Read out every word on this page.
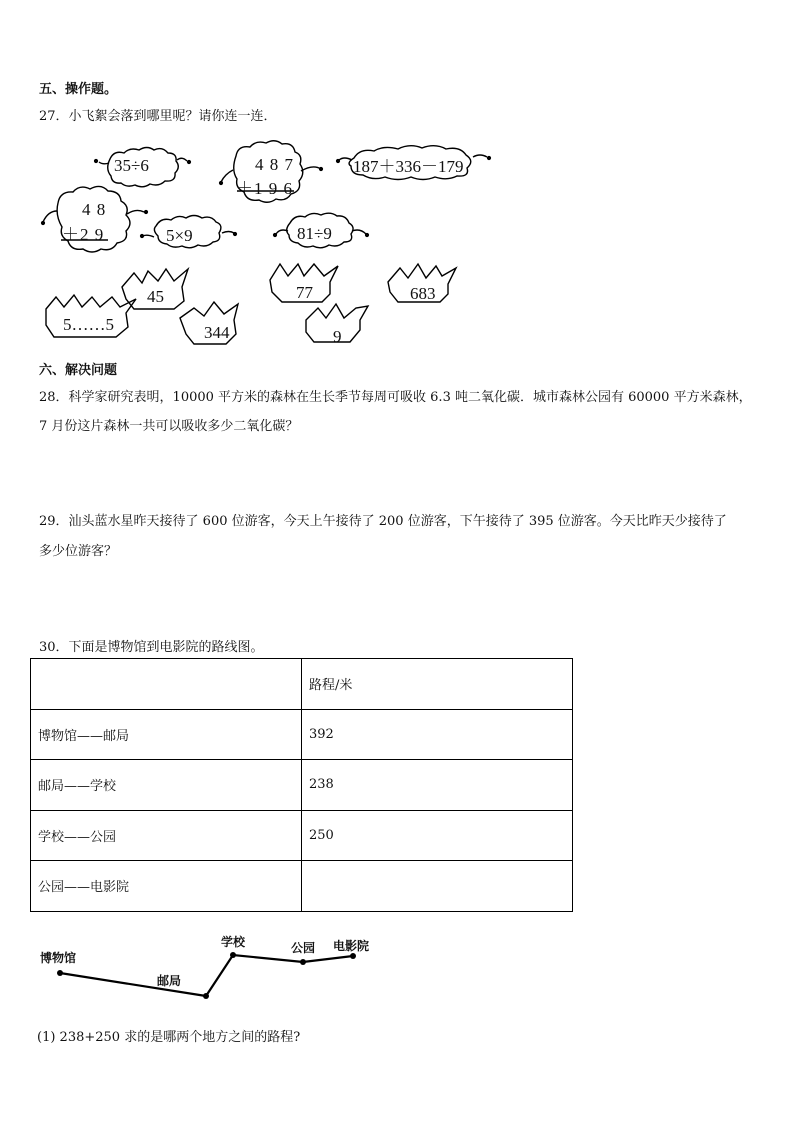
五、操作题。
27．小飞絮会落到哪里呢？请你连一连．
35÷6	4 8 7
＋1 9 6
187＋336－179
4 8
＋2 9	5×9	81÷9
45	77	683
5……5	344	9
六、解决问题
28．科学家研究表明，10000 平方米的森林在生长季节每周可吸收 6.3 吨二氧化碳．城市森林公园有 60000 平方米森林，
7 月份这片森林一共可以吸收多少二氧化碳？
29．汕头蓝水星昨天接待了 600 位游客，今天上午接待了 200 位游客，下午接待了 395 位游客。今天比昨天少接待了
多少位游客？
30．下面是博物馆到电影院的路线图。
	路程/米
博物馆——邮局	392
邮局——学校	238
学校——公园	250
公园——电影院	
博物馆
邮局
学校	公园 电影院
(1) 238+250 求的是哪两个地方之间的路程?
